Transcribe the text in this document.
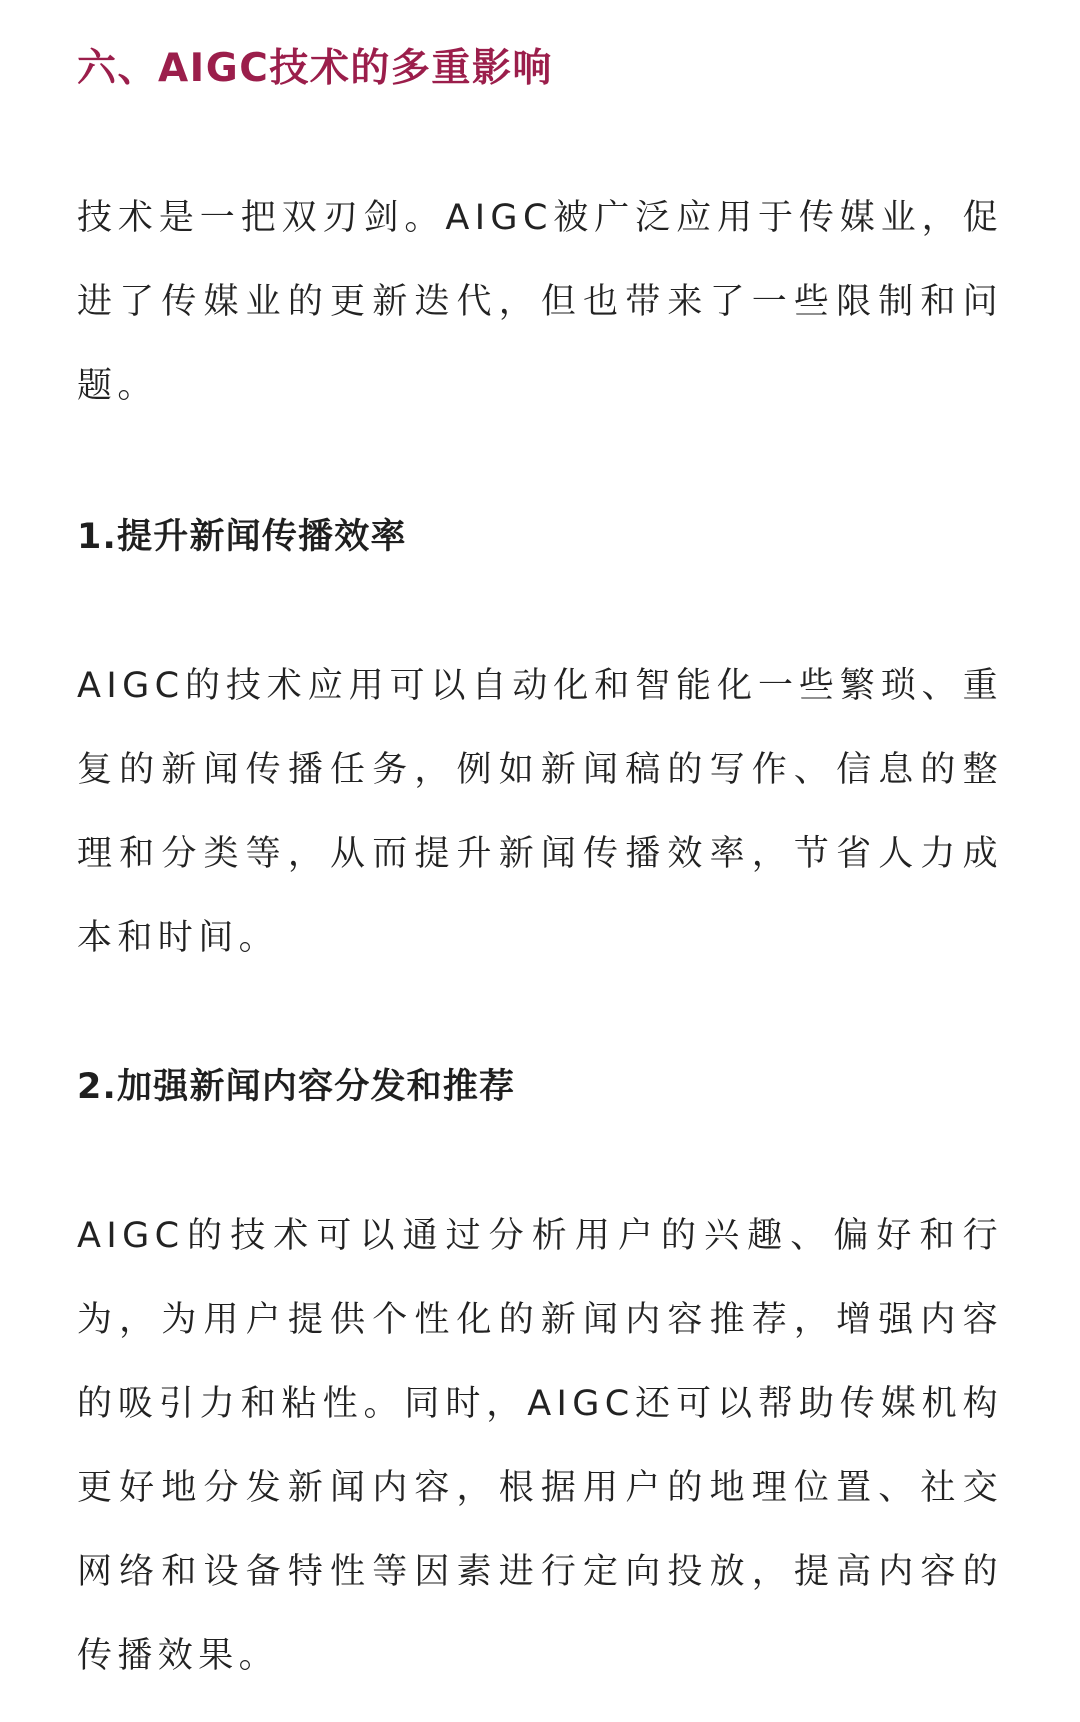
六、AIGC技术的多重影响

技术是一把双刃剑。AIGC被广泛应用于传媒业，促进了传媒业的更新迭代，但也带来了一些限制和问题。

1.提升新闻传播效率

AIGC的技术应用可以自动化和智能化一些繁琐、重复的新闻传播任务，例如新闻稿的写作、信息的整理和分类等，从而提升新闻传播效率，节省人力成本和时间。

2.加强新闻内容分发和推荐

AIGC的技术可以通过分析用户的兴趣、偏好和行为，为用户提供个性化的新闻内容推荐，增强内容的吸引力和粘性。同时，AIGC还可以帮助传媒机构更好地分发新闻内容，根据用户的地理位置、社交网络和设备特性等因素进行定向投放，提高内容的传播效果。
